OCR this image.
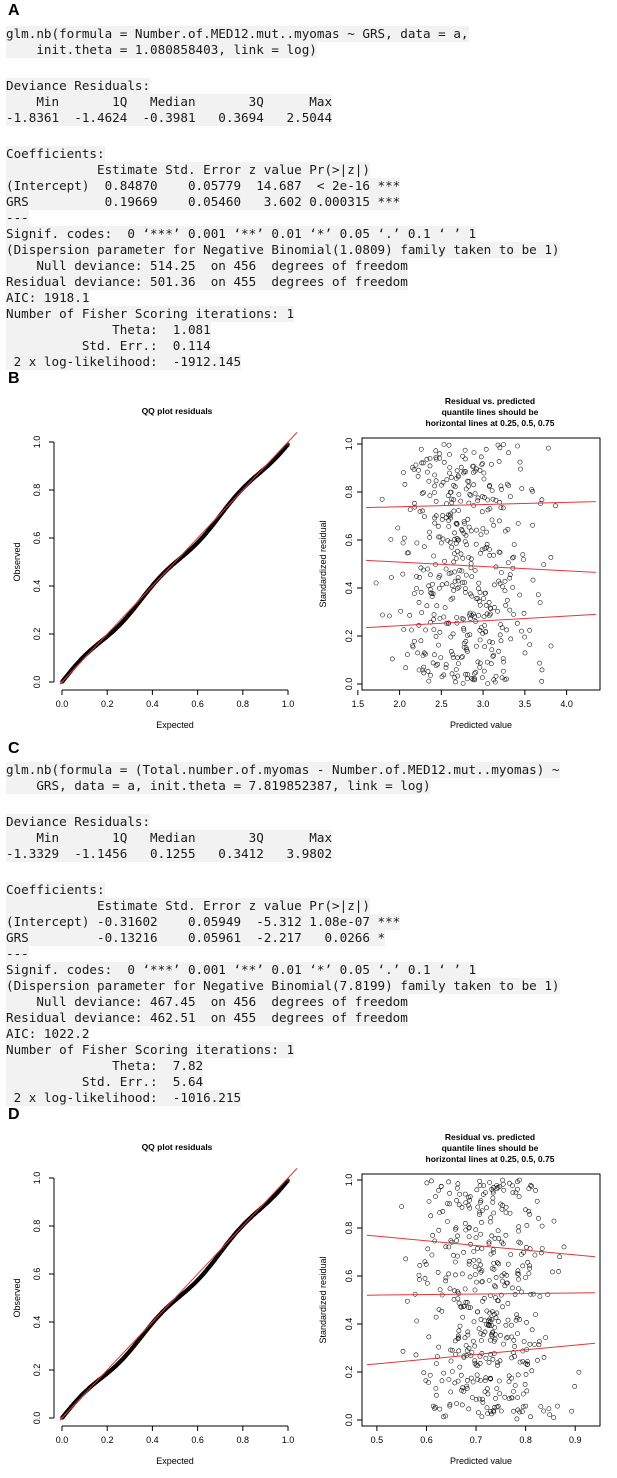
A
glm.nb(formula = Number.of.MED12.mut..myomas ~ GRS, data = a,
init.theta = 1.080858403, link = log)

Deviance Residuals:
Min       1Q   Median       3Q      Max
-1.8361  -1.4624  -0.3981   0.3694   2.5044

Coefficients:
Estimate Std. Error z value Pr(>|z|)
(Intercept)  0.84870    0.05779  14.687  < 2e-16 ***
GRS          0.19669    0.05460   3.602 0.000315 ***
---
Signif. codes:  0 ‘***’ 0.001 ‘**’ 0.01 ‘*’ 0.05 ‘.’ 0.1 ‘ ’ 1
(Dispersion parameter for Negative Binomial(1.0809) family taken to be 1)
Null deviance: 514.25  on 456  degrees of freedom
Residual deviance: 501.36  on 455  degrees of freedom
AIC: 1918.1
Number of Fisher Scoring iterations: 1
Theta:  1.081
Std. Err.:  0.114
2 x log-likelihood:  -1912.145

B
QQ plot residuals
0.0	0.2	0.4	0.6	0.8	1.0
0.0
0.2
0.4
0.6
0.8
1.0
Expected
Observed
Residual vs. predicted
quantile lines should be
horizontal lines at 0.25, 0.5, 0.75
1.5	2.0	2.5	3.0	3.5	4.0
0.0
0.2
0.4
0.6
0.8
1.0
Predicted value
Standardized residual
C
glm.nb(formula = (Total.number.of.myomas - Number.of.MED12.mut..myomas) ~
GRS, data = a, init.theta = 7.819852387, link = log)

Deviance Residuals:
Min       1Q   Median       3Q      Max
-1.3329  -1.1456   0.1255   0.3412   3.9802

Coefficients:
Estimate Std. Error z value Pr(>|z|)
(Intercept) -0.31602    0.05949  -5.312 1.08e-07 ***
GRS         -0.13216    0.05961  -2.217   0.0266 *
---
Signif. codes:  0 ‘***’ 0.001 ‘**’ 0.01 ‘*’ 0.05 ‘.’ 0.1 ‘ ’ 1
(Dispersion parameter for Negative Binomial(7.8199) family taken to be 1)
Null deviance: 467.45  on 456  degrees of freedom
Residual deviance: 462.51  on 455  degrees of freedom
AIC: 1022.2
Number of Fisher Scoring iterations: 1
Theta:  7.82
Std. Err.:  5.64
2 x log-likelihood:  -1016.215

D
QQ plot residuals
0.0	0.2	0.4	0.6	0.8	1.0
0.0
0.2
0.4
0.6
0.8
1.0
Expected
Observed
Residual vs. predicted
quantile lines should be
horizontal lines at 0.25, 0.5, 0.75
0.5	0.6	0.7	0.8	0.9
0.0
0.2
0.4
0.6
0.8
1.0
Predicted value
Standardized residual
